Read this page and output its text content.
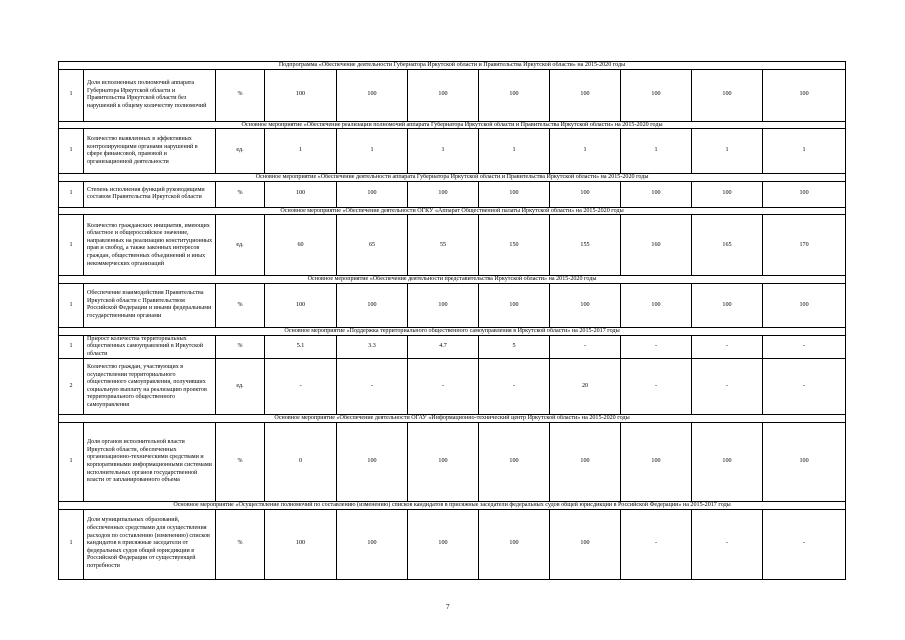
Подпрограмма «Обеспечение деятельности Губернатора Иркутской области и Правительства Иркутской области» на 2015-2020 годы										
1	Доля исполненных полномочий аппарата Губернатора Иркутской области и Правительства Иркутской области без нарушений к общему количеству полномочий	%	100	100	100	100	100	100	100	100
Основное мероприятие «Обеспечение реализации полномочий аппарата Губернатора Иркутской области и Правительства Иркутской области» на 2015-2020 годы										
1	Количество выявленных в эффективных контролирующими органами нарушений в сфере финансовой, правовой и организационной деятельности	ед.	1	1	1	1	1	1	1	1
Основное мероприятие «Обеспечение деятельности аппарата Губернатора Иркутской области и Правительства Иркутской области» на 2015-2020 годы										
1	Степень исполнения функций руководящими составом Правительства Иркутской области	%	100	100	100	100	100	100	100	100
Основное мероприятие «Обеспечение деятельности ОГКУ «Аппарат Общественной палаты Иркутской области» на 2015-2020 годы										
1	Количество гражданских инициатив, имеющих областное и общероссийское значение, направленных на реализацию конституционных прав и свобод, а также законных интересов граждан, общественных объединений и иных некоммерческих организаций	ед.	60	65	55	150	155	160	165	170
Основное мероприятие «Обеспечение деятельности представительства Иркутской области» на 2015-2020 годы										
1	Обеспечение взаимодействия Правительства Иркутской области с Правительством Российской Федерации и иными федеральными государственными органами	%	100	100	100	100	100	100	100	100
Основное мероприятие «Поддержка территориального общественного самоуправления в Иркутской области» на 2015-2017 годы										
1	Прирост количества территориальных общественных самоуправлений в Иркутской области	%	5.1	3.3	4.7	5	-	-	-	-
2	Количество граждан, участвующих в осуществлении территориального общественного самоуправления, получивших социальную выплату на реализацию проектов территориального общественного самоуправления	ед.	-	-	-	-	20	-	-	-
Основное мероприятие «Обеспечение деятельности ОГАУ «Информационно-технический центр Иркутской области» на 2015-2020 годы										
1	Доля органов исполнительной власти Иркутской области, обеспеченных организационно-техническими средствами и корпоративными информационными системами исполнительных органов государственной власти от запланированного объема	%	0	100	100	100	100	100	100	100
Основное мероприятие «Осуществление полномочий по составлению (изменению) списков кандидатов в присяжные заседатели федеральных судов общей юрисдикции в Российской Федерации» на 2015-2017 годы										
1	Доля муниципальных образований, обеспеченных средствами для осуществления расходов по составлению (изменению) списков кандидатов в присяжные заседатели от федеральных судов общей юрисдикции в Российской Федерации от существующей потребности	%	100	100	100	100	100	-	-	-
7
